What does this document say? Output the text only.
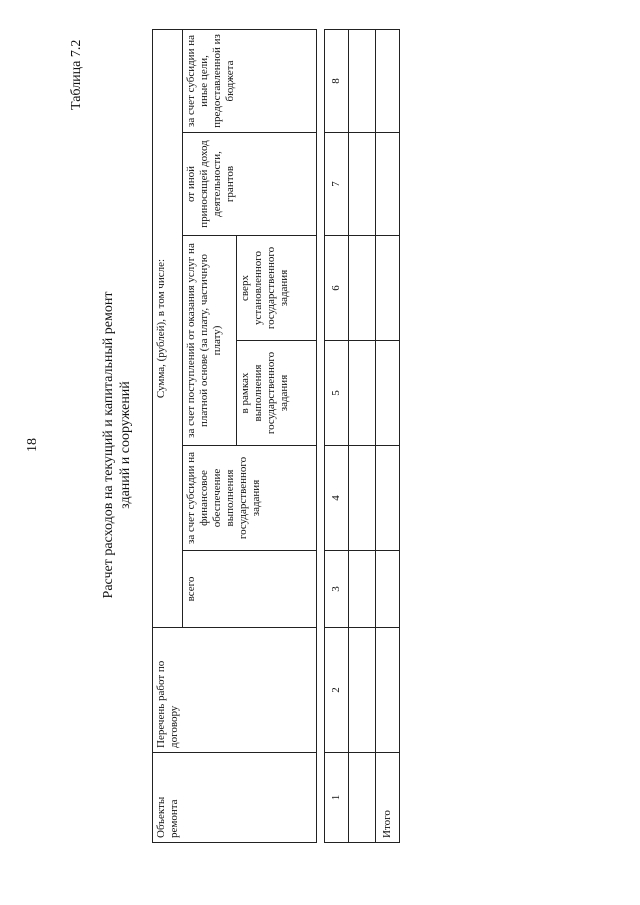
18
Таблица 7.2
Расчет расходов на текущий и капитальный ремонт зданий и сооружений
Объекты ремонта	Перечень работ по договору	Сумма, (рублей), в том числе:					
		всего	за счет субсидии на финансовое обеспечение выполнения государственного задания	за счет поступлений от оказания услуг на платной основе (за плату, частичную плату)		от иной приносящей доход деятельности, грантов	за счет субсидии на иные цели, предоставленной из бюджета
				в рамках выполнения государственного задания	сверх установленного государственного задания		
1	2	3	4	5	6	7	8

Итого							
